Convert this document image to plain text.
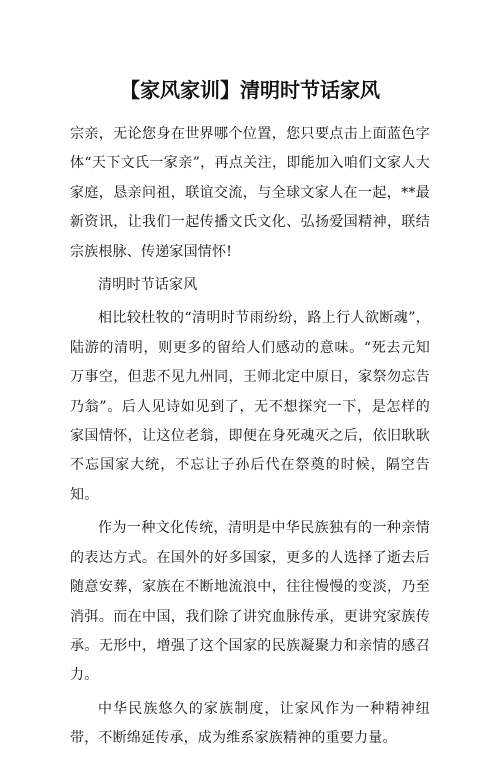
【家风家训】清明时节话家风

宗亲，无论您身在世界哪个位置，您只要点击上面蓝色字体“天下文氏一家亲”，再点关注，即能加入咱们文家人大家庭，恳亲问祖，联谊交流，与全球文家人在一起，**最新资讯，让我们一起传播文氏文化、弘扬爱国精神，联结宗族根脉、传递家国情怀!

清明时节话家风

相比较杜牧的“清明时节雨纷纷，路上行人欲断魂”，陆游的清明，则更多的留给人们感动的意味。“死去元知万事空，但悲不见九州同，王师北定中原日，家祭勿忘告乃翁”。后人见诗如见到了，无不想探究一下，是怎样的家国情怀，让这位老翁，即便在身死魂灭之后，依旧耿耿不忘国家大统，不忘让子孙后代在祭奠的时候，隔空告知。

作为一种文化传统，清明是中华民族独有的一种亲情的表达方式。在国外的好多国家，更多的人选择了逝去后随意安葬，家族在不断地流浪中，往往慢慢的变淡，乃至消弭。而在中国，我们除了讲究血脉传承，更讲究家族传承。无形中，增强了这个国家的民族凝聚力和亲情的感召力。

中华民族悠久的家族制度，让家风作为一种精神纽带，不断绵延传承，成为维系家族精神的重要力量。
